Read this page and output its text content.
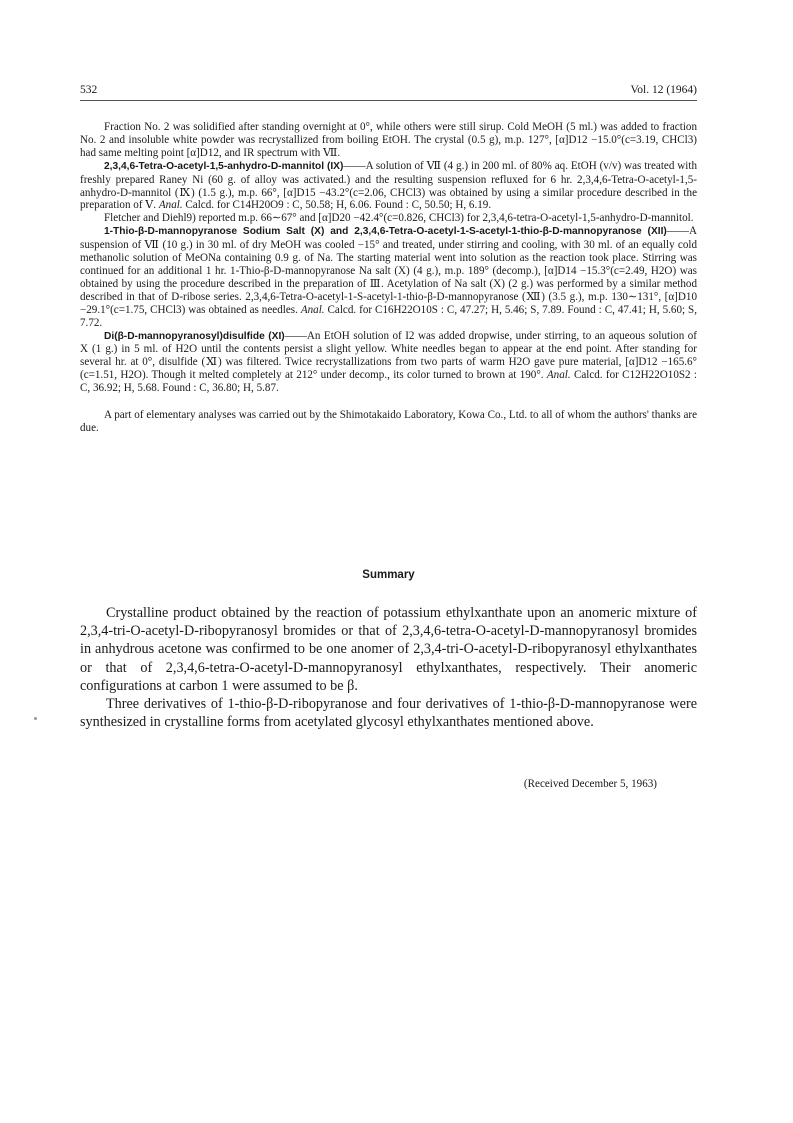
532	Vol. 12 (1964)

Fraction No. 2 was solidified after standing overnight at 0°, while others were still sirup. Cold MeOH (5 ml.) was added to fraction No. 2 and insoluble white powder was recrystallized from boiling EtOH. The crystal (0.5 g), m.p. 127°, [α]D12 −15.0°(c=3.19, CHCl3) had same melting point [α]D12, and IR spectrum with Ⅶ.

2,3,4,6-Tetra-O-acetyl-1,5-anhydro-D-mannitol (IX)——A solution of Ⅶ (4 g.) in 200 ml. of 80% aq. EtOH (v/v) was treated with freshly prepared Raney Ni (60 g. of alloy was activated.) and the resulting suspension refluxed for 6 hr. 2,3,4,6-Tetra-O-acetyl-1,5-anhydro-D-mannitol (Ⅸ) (1.5 g.), m.p. 66°, [α]D15 −43.2°(c=2.06, CHCl3) was obtained by using a similar procedure described in the preparation of Ⅴ. Anal. Calcd. for C14H20O9 : C, 50.58; H, 6.06. Found : C, 50.50; H, 6.19.

Fletcher and Diehl9) reported m.p. 66∼67° and [α]D20 −42.4°(c=0.826, CHCl3) for 2,3,4,6-tetra-O-acetyl-1,5-anhydro-D-mannitol.

1-Thio-β-D-mannopyranose Sodium Salt (X) and 2,3,4,6-Tetra-O-acetyl-1-S-acetyl-1-thio-β-D-mannopyranose (XII)——A suspension of Ⅶ (10 g.) in 30 ml. of dry MeOH was cooled −15° and treated, under stirring and cooling, with 30 ml. of an equally cold methanolic solution of MeONa containing 0.9 g. of Na. The starting material went into solution as the reaction took place. Stirring was continued for an additional 1 hr. 1-Thio-β-D-mannopyranose Na salt (X) (4 g.), m.p. 189° (decomp.), [α]D14 −15.3°(c=2.49, H2O) was obtained by using the procedure described in the preparation of Ⅲ. Acetylation of Na salt (X) (2 g.) was performed by a similar method described in that of D-ribose series. 2,3,4,6-Tetra-O-acetyl-1-S-acetyl-1-thio-β-D-mannopyranose (Ⅻ) (3.5 g.), m.p. 130∼131°, [α]D10 −29.1°(c=1.75, CHCl3) was obtained as needles. Anal. Calcd. for C16H22O10S : C, 47.27; H, 5.46; S, 7.89. Found : C, 47.41; H, 5.60; S, 7.72.

Di(β-D-mannopyranosyl)disulfide (XI)——An EtOH solution of I2 was added dropwise, under stirring, to an aqueous solution of X (1 g.) in 5 ml. of H2O until the contents persist a slight yellow. White needles began to appear at the end point. After standing for several hr. at 0°, disulfide (Ⅺ) was filtered. Twice recrystallizations from two parts of warm H2O gave pure material, [α]D12 −165.6°(c=1.51, H2O). Though it melted completely at 212° under decomp., its color turned to brown at 190°. Anal. Calcd. for C12H22O10S2 : C, 36.92; H, 5.68. Found : C, 36.80; H, 5.87.

A part of elementary analyses was carried out by the Shimotakaido Laboratory, Kowa Co., Ltd. to all of whom the authors' thanks are due.

Summary

Crystalline product obtained by the reaction of potassium ethylxanthate upon an anomeric mixture of 2,3,4-tri-O-acetyl-D-ribopyranosyl bromides or that of 2,3,4,6-tetra-O-acetyl-D-mannopyranosyl bromides in anhydrous acetone was confirmed to be one anomer of 2,3,4-tri-O-acetyl-D-ribopyranosyl ethylxanthates or that of 2,3,4,6-tetra-O-acetyl-D-mannopyranosyl ethylxanthates, respectively. Their anomeric configurations at carbon 1 were assumed to be β.

Three derivatives of 1-thio-β-D-ribopyranose and four derivatives of 1-thio-β-D-mannopyranose were synthesized in crystalline forms from acetylated glycosyl ethylxanthates mentioned above.

(Received December 5, 1963)
